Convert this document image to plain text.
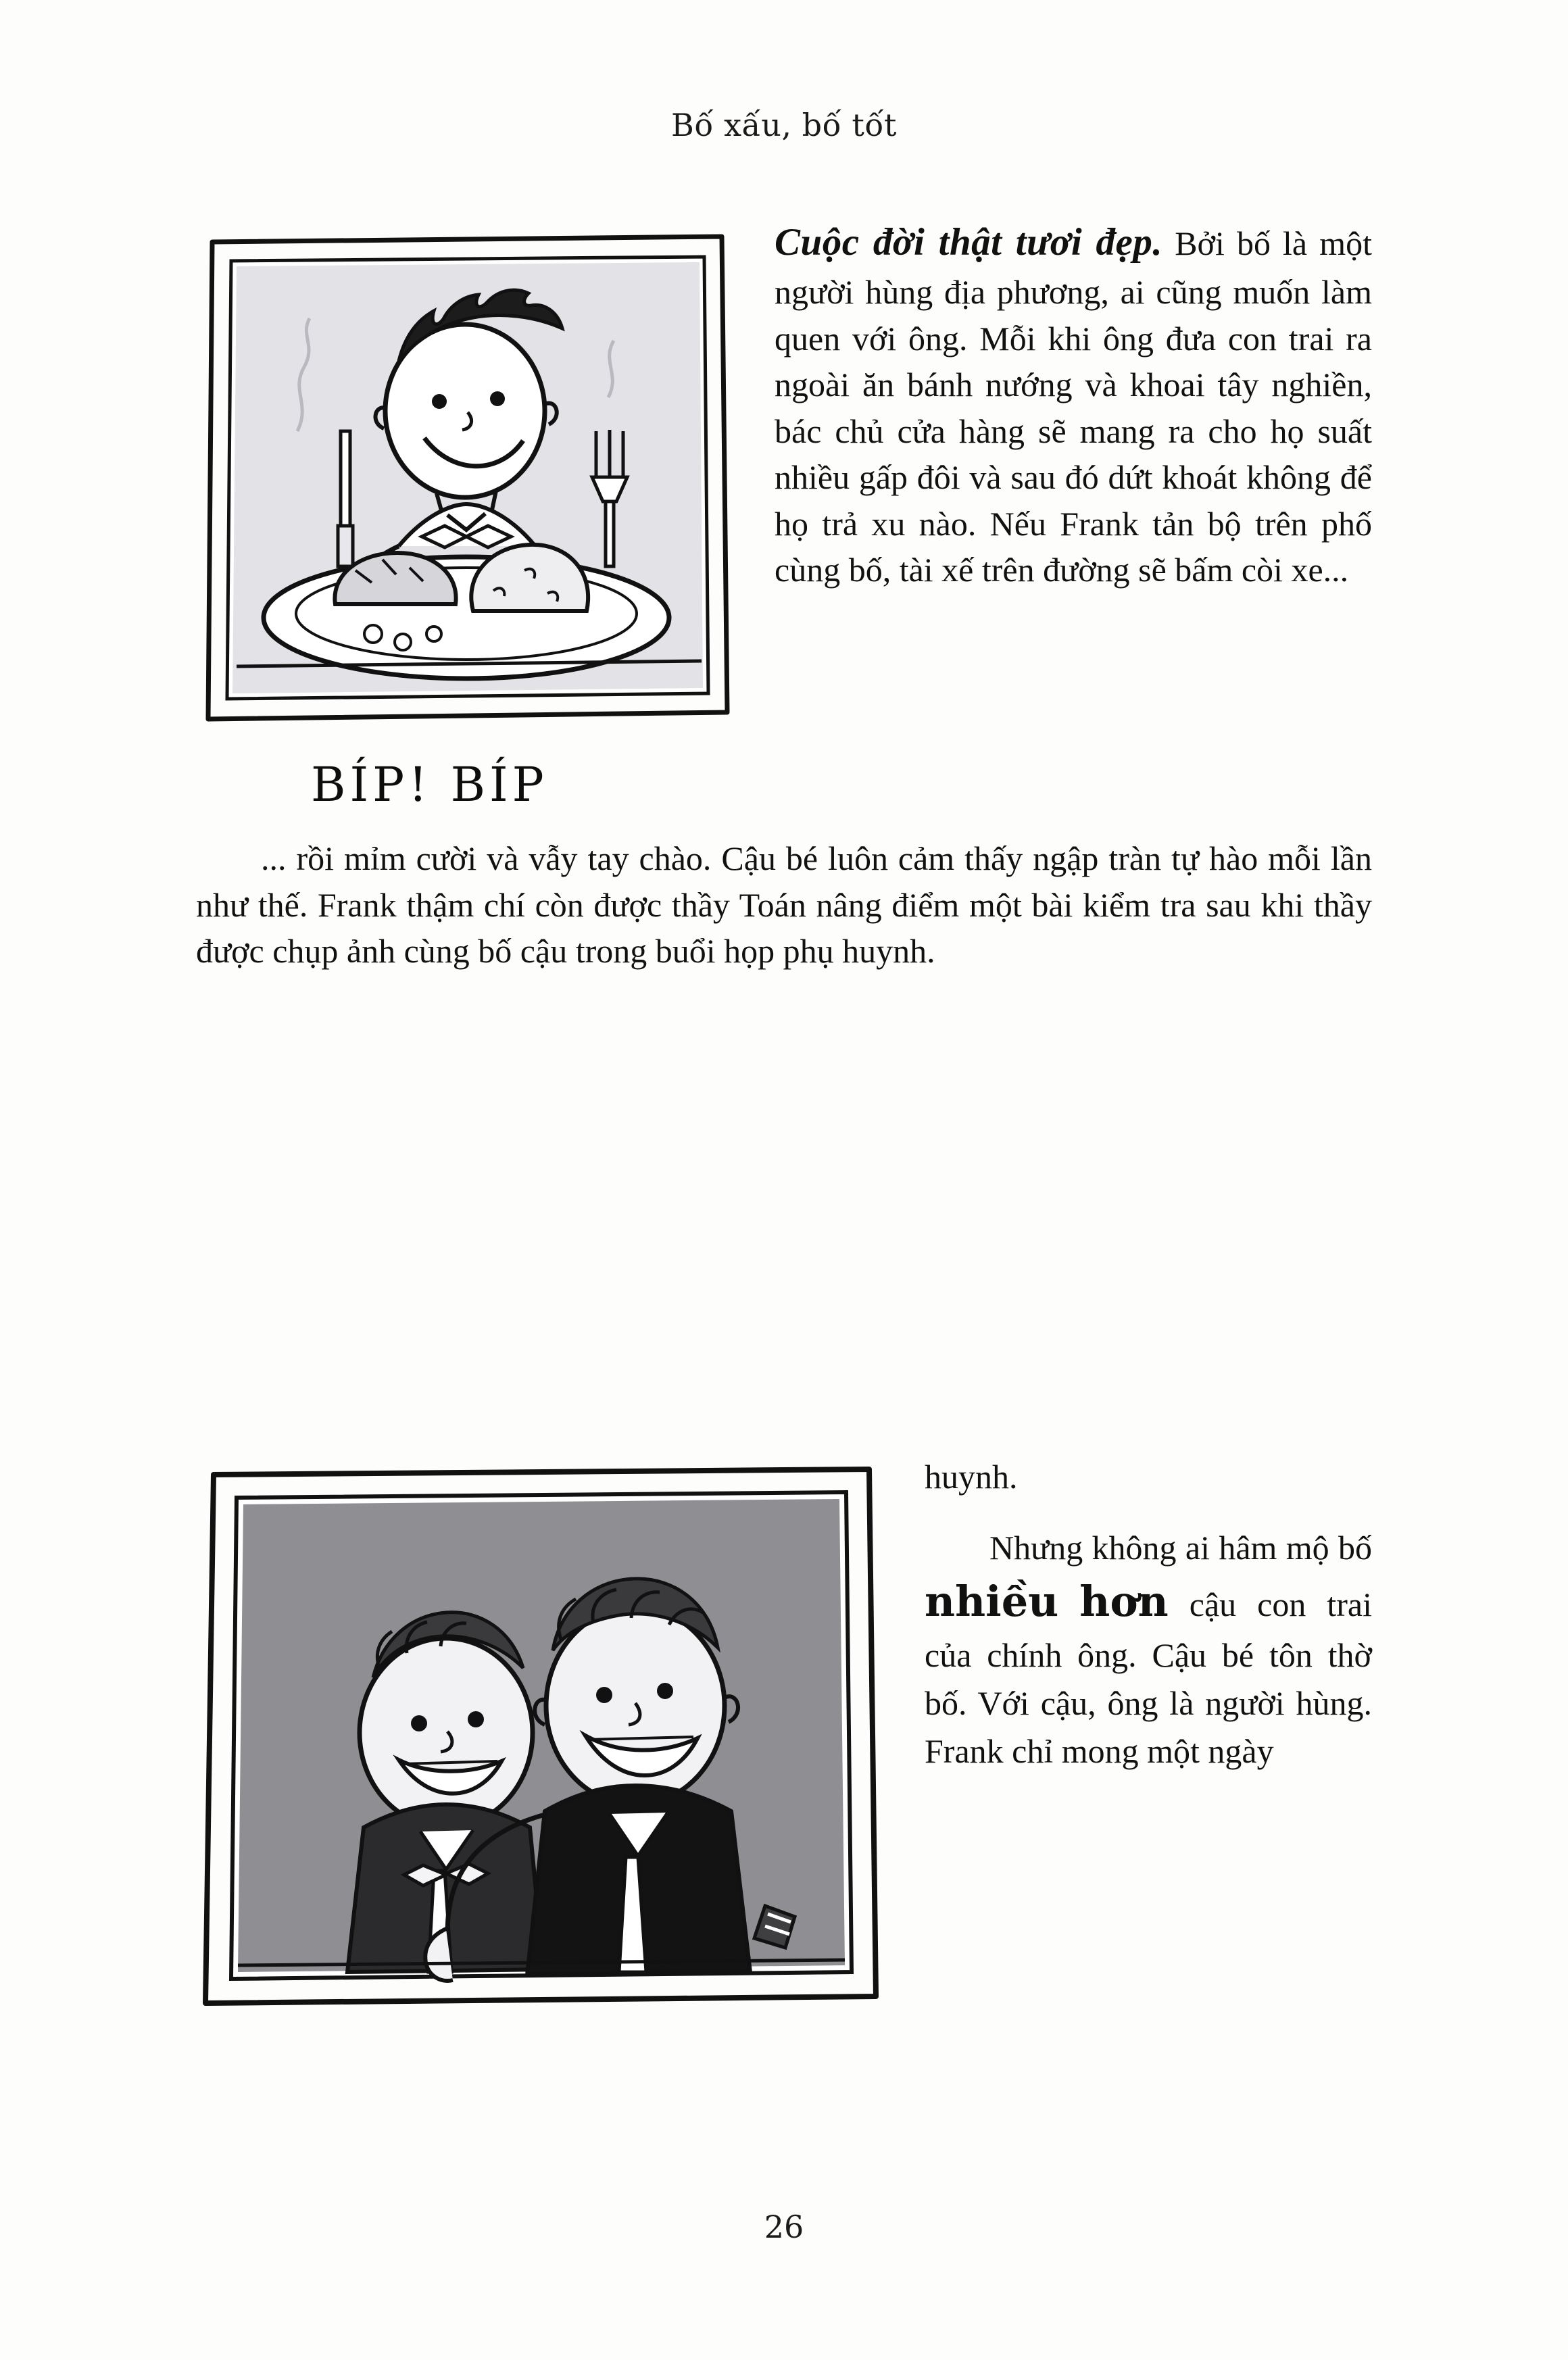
Bố xấu, bố tốt

Cuộc đời thật tươi đẹp. Bởi bố là một người hùng địa phương, ai cũng muốn làm quen với ông. Mỗi khi ông đưa con trai ra ngoài ăn bánh nướng và khoai tây nghiền, bác chủ cửa hàng sẽ mang ra cho họ suất nhiều gấp đôi và sau đó dứt khoát không để họ trả xu nào. Nếu Frank tản bộ trên phố cùng bố, tài xế trên đường sẽ bấm còi xe...

BÍP! BÍP

... rồi mỉm cười và vẫy tay chào. Cậu bé luôn cảm thấy ngập tràn tự hào mỗi lần như thế. Frank thậm chí còn được thầy Toán nâng điểm một bài kiểm tra sau khi thầy được chụp ảnh cùng bố cậu trong buổi họp phụ huynh.

huynh.

Nhưng không ai hâm mộ bố nhiều hơn cậu con trai của chính ông. Cậu bé tôn thờ bố. Với cậu, ông là người hùng. Frank chỉ mong một ngày

26
